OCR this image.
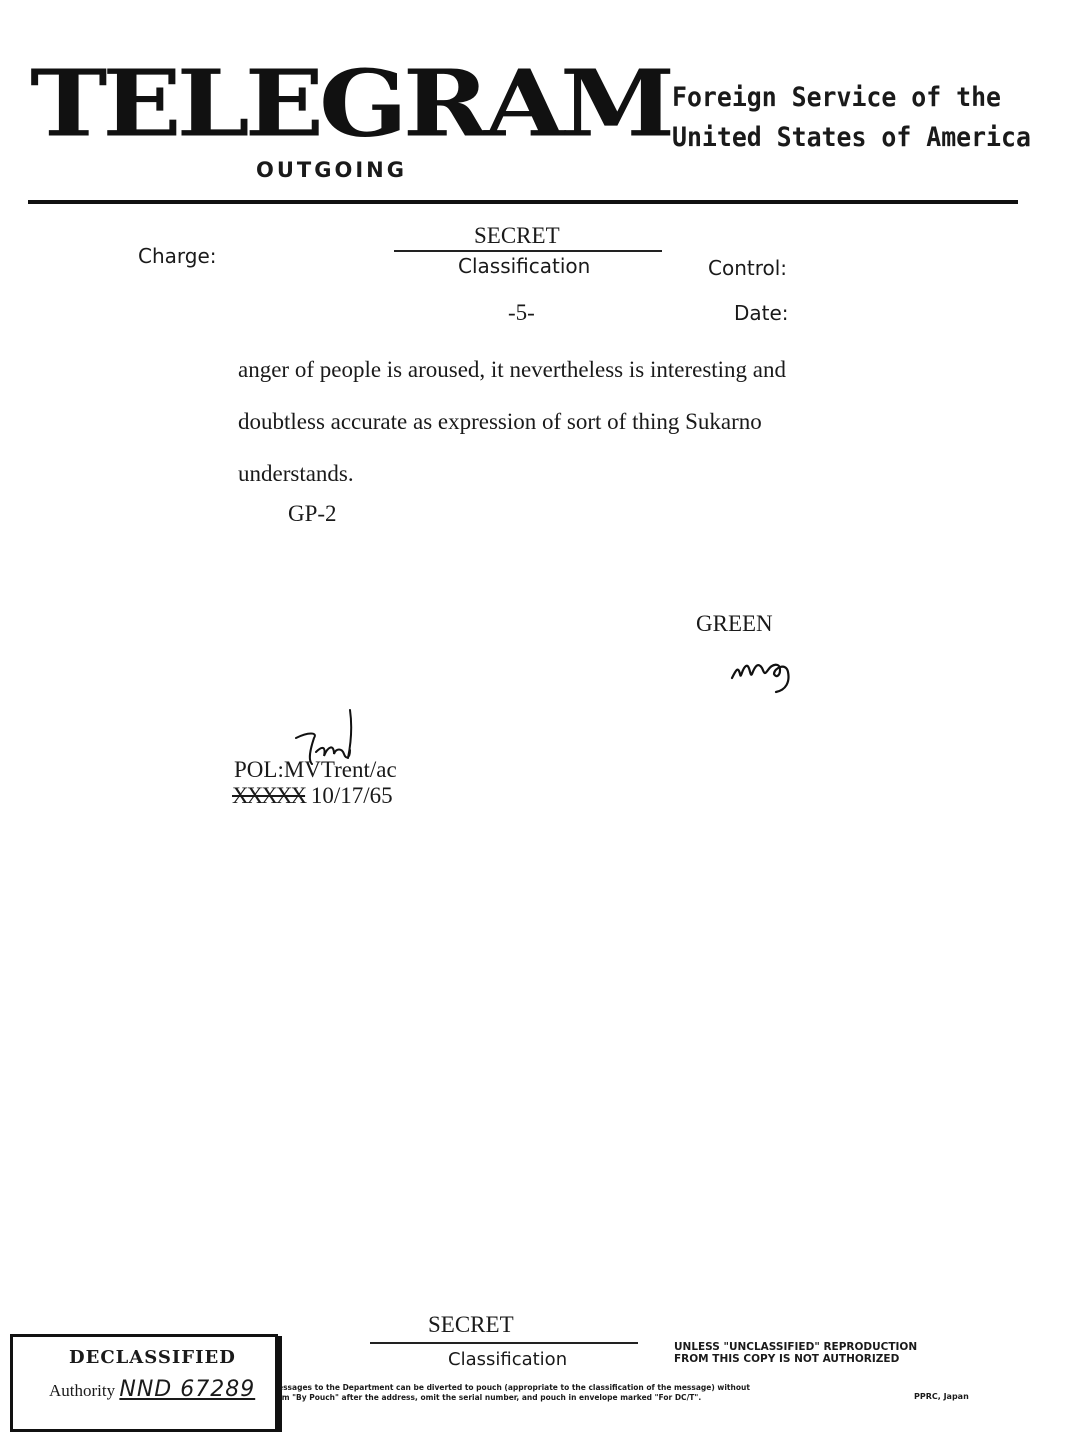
TELEGRAM
OUTGOING
Foreign Service of the
United States of America
Charge:
SECRET
Classification	Control:
-5-	Date:

anger of people is aroused, it nevertheless is interesting and

doubtless accurate as expression of sort of thing Sukarno

understands.

GP-2
GREEN
POL:MVTrent/ac
XXXXX 10/17/65
SECRET
Classification
UNLESS "UNCLASSIFIED" REPRODUCTION
FROM THIS COPY IS NOT AUTHORIZED
essages to the Department can be diverted to pouch (appropriate to the classification of the message) without
rm "By Pouch" after the address, omit the serial number, and pouch in envelope marked "For DC/T".	PPRC, Japan
DECLASSIFIED
Authority NND 67289
